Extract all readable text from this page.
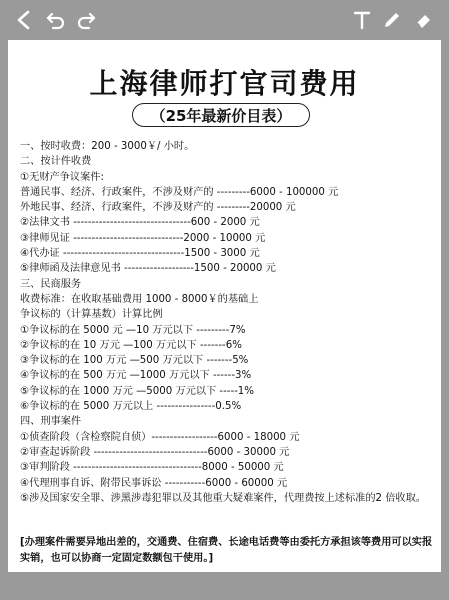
上海律师打官司费用
（25年最新价目表）
一、按时收费：200 - 3000￥/ 小时。
二、按计件收费
①无财产争议案件:
普通民事、经济、行政案件，不涉及财产的 ---------6000 - 100000 元
外地民事、经济、行政案件，不涉及财产的 ---------20000 元
②法律文书 --------------------------------600 - 2000 元
③律师见证 ------------------------------2000 - 10000 元
④代办证 ---------------------------------1500 - 3000 元
⑤律师函及法律意见书 -------------------1500 - 20000 元
三、民商服务
收费标准：在收取基础费用 1000 - 8000￥的基础上
争议标的（计算基数）计算比例
①争议标的在 5000 元 —10 万元以下 ---------7%
②争议标的在 10 万元 —100 万元以下 -------6%
③争议标的在 100 万元 —500 万元以下 -------5%
④争议标的在 500 万元 —1000 万元以下 ------3%
⑤争议标的在 1000 万元 —5000 万元以下 -----1%
⑥争议标的在 5000 万元以上 ----------------0.5%
四、刑事案件
①侦查阶段（含检察院自侦）------------------6000 - 18000 元
②审查起诉阶段 -------------------------------6000 - 30000 元
③审判阶段 -----------------------------------8000 - 50000 元
④代理刑事自诉、附带民事诉讼 -----------6000 - 60000 元
⑤涉及国家安全罪、涉黑涉毒犯罪以及其他重大疑难案件，代理费按上述标准的2 倍收取。
[办理案件需要异地出差的，交通费、住宿费、长途电话费等由委托方承担该等费用可以实报实销，也可以协商一定固定数额包干使用。]
